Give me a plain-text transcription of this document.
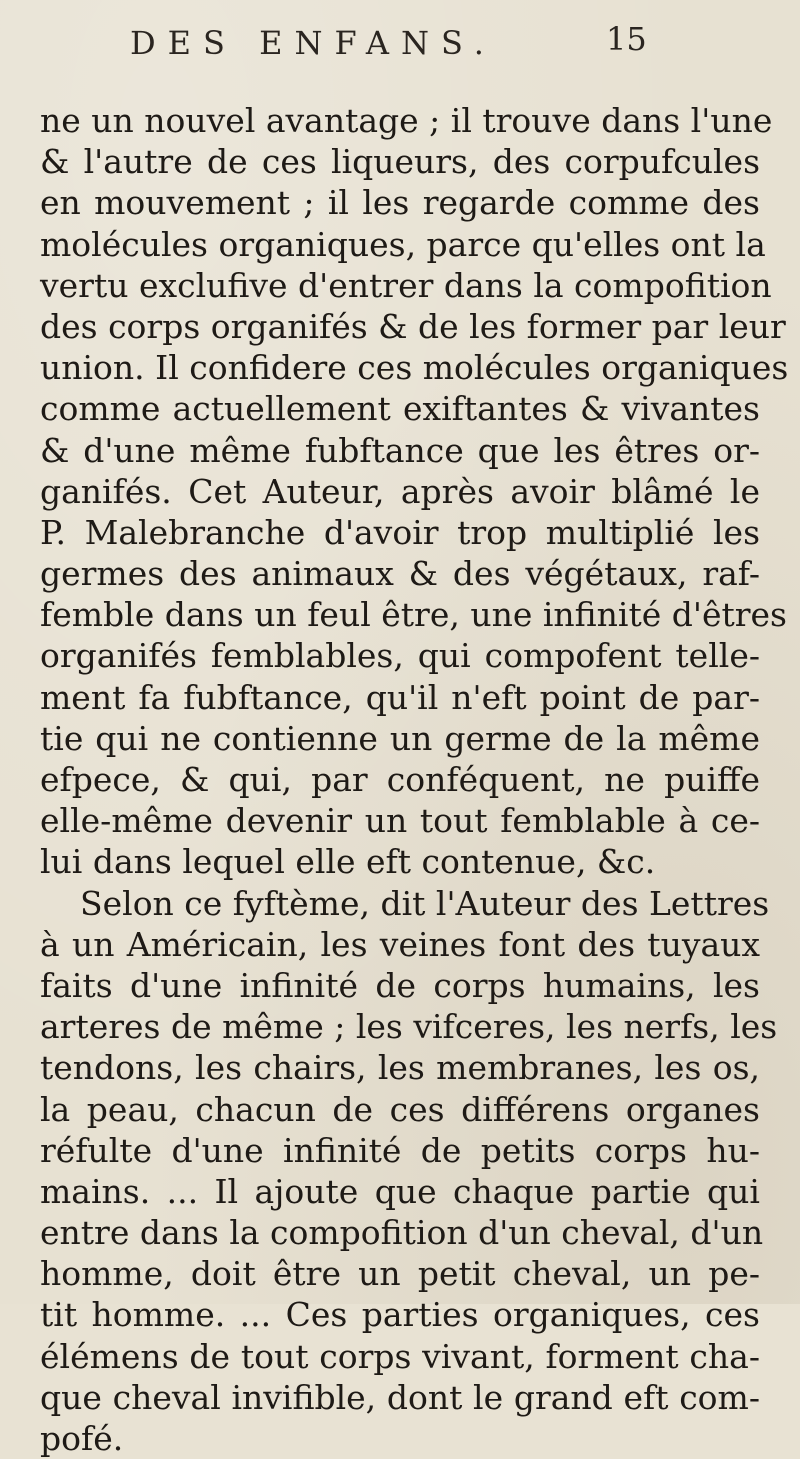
DES ENFANS.	15
ne un nouvel avantage ; il trouve dans l'une
& l'autre de ces liqueurs, des corpufcules
en mouvement ; il les regarde comme des
molécules organiques, parce qu'elles ont la
vertu exclufive d'entrer dans la compofition
des corps organifés & de les former par leur
union. Il confidere ces molécules organiques
comme actuellement exiftantes & vivantes
& d'une même fubftance que les êtres or-
ganifés. Cet Auteur, après avoir blâmé le
P. Malebranche d'avoir trop multiplié les
germes des animaux & des végétaux, raf-
femble dans un feul être, une infinité d'êtres
organifés femblables, qui compofent telle-
ment fa fubftance, qu'il n'eft point de par-
tie qui ne contienne un germe de la même
efpece, & qui, par conféquent, ne puiffe
elle-même devenir un tout femblable à ce-
lui dans lequel elle eft contenue, &c.
Selon ce fyftème, dit l'Auteur des Lettres
à un Américain, les veines font des tuyaux
faits d'une infinité de corps humains, les
arteres de même ; les vifceres, les nerfs, les
tendons, les chairs, les membranes, les os,
la peau, chacun de ces différens organes
réfulte d'une infinité de petits corps hu-
mains. ... Il ajoute que chaque partie qui
entre dans la compofition d'un cheval, d'un
homme, doit être un petit cheval, un pe-
tit homme. ... Ces parties organiques, ces
élémens de tout corps vivant, forment cha-
que cheval invifible, dont le grand eft com-
pofé.
